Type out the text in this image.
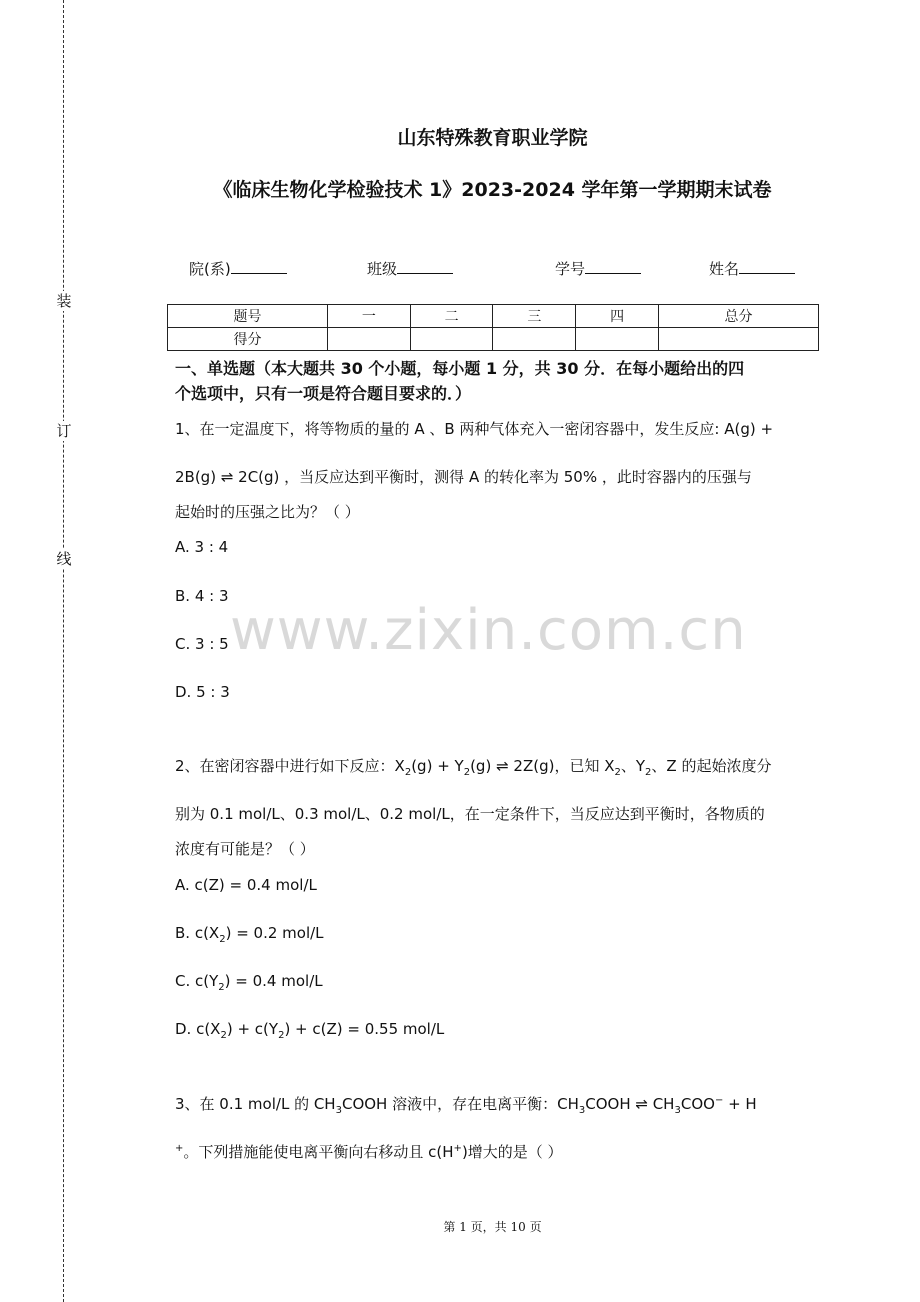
装
订
线
山东特殊教育职业学院
《临床生物化学检验技术 1》2023-2024 学年第一学期期末试卷
院(系)	班级	学号	姓名
题号	一	二	三	四	总分
得分					
一、单选题（本大题共 30 个小题，每小题 1 分，共 30 分．在每小题给出的四
个选项中，只有一项是符合题目要求的．）
1、在一定温度下，将等物质的量的 A 、B 两种气体充入一密闭容器中，发生反应: A(g) +
2B(g) ⇌ 2C(g) ，当反应达到平衡时，测得 A 的转化率为 50% ，此时容器内的压强与
起始时的压强之比为？（ ）
A. 3 : 4
B. 4 : 3
C. 3 : 5
D. 5 : 3
www.zixin.com.cn
2、在密闭容器中进行如下反应：$X_2(g) + Y_2(g)$ ⇌ 2Z(g)，已知 $X_2$、$Y_2$、Z 的起始浓度分
别为 0.1 mol/L、0.3 mol/L、0.2 mol/L，在一定条件下，当反应达到平衡时，各物质的
浓度有可能是？（ ）
A. c(Z) = 0.4 mol/L
B. $c(X_2) = 0.2$ mol/L
C. $c(Y_2) = 0.4$ mol/L
D. $c(X_2) + c(Y_2) + c(Z) = 0.55$ mol/L
3、在 0.1 mol/L 的 $CH_3COOH$ 溶液中，存在电离平衡：$CH_3COOH$ ⇌ $CH_3COO^- + H$
+。下列措施能使电离平衡向右移动且 c(H+)增大的是（ ）
第 1 页，共 10 页
